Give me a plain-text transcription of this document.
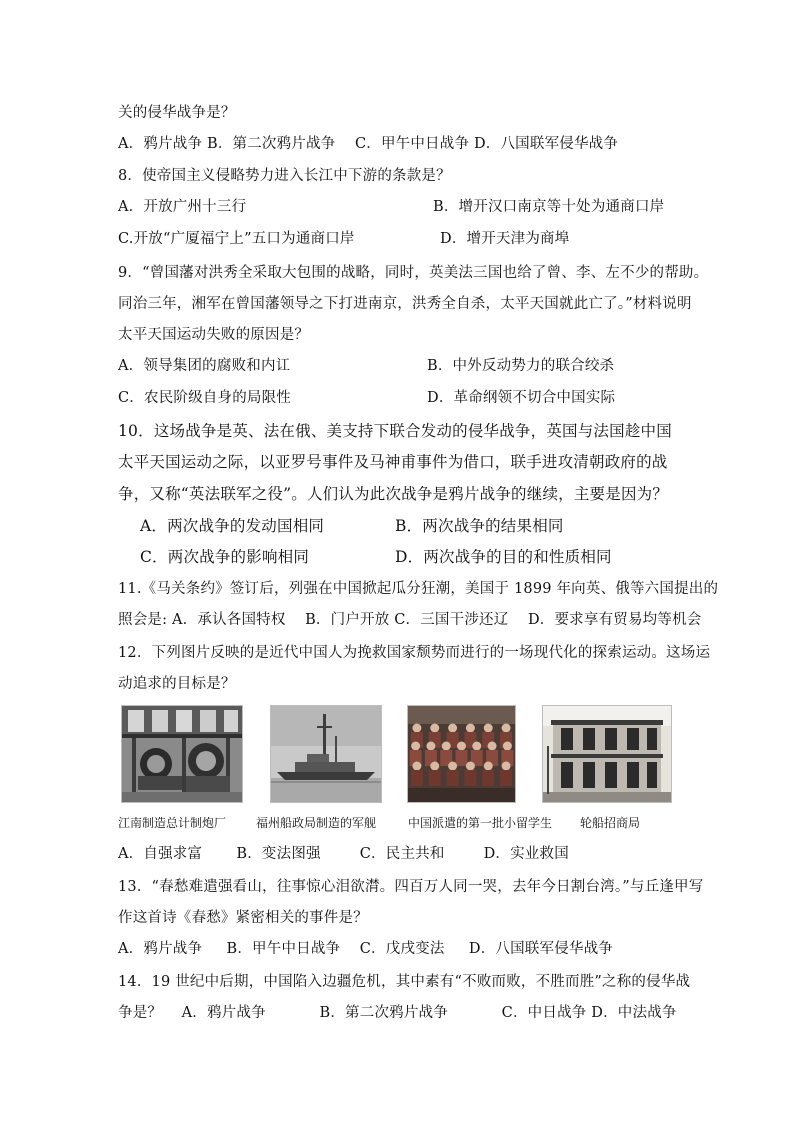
关的侵华战争是？
A．鸦片战争 B．第二次鸦片战争 　C．甲午中日战争 D．八国联军侵华战争
8．使帝国主义侵略势力进入长江中下游的条款是？
A．开放广州十三行	B．增开汉口南京等十处为通商口岸
C.开放“广厦福宁上”五口为通商口岸	D．增开天津为商埠
9．“曾国藩对洪秀全采取大包围的战略，同时，英美法三国也给了曾、李、左不少的帮助。
同治三年，湘军在曾国藩领导之下打进南京，洪秀全自杀，太平天国就此亡了。”材料说明
太平天国运动失败的原因是？
A．领导集团的腐败和内讧	B．中外反动势力的联合绞杀
C．农民阶级自身的局限性	D．革命纲领不切合中国实际
10．这场战争是英、法在俄、美支持下联合发动的侵华战争，英国与法国趁中国
太平天国运动之际，以亚罗号事件及马神甫事件为借口，联手进攻清朝政府的战
争，又称“英法联军之役”。人们认为此次战争是鸦片战争的继续，主要是因为？
A．两次战争的发动国相同	B．两次战争的结果相同
C．两次战争的影响相同	D．两次战争的目的和性质相同
11.《马关条约》签订后，列强在中国掀起瓜分狂潮，美国于 1899 年向英、俄等六国提出的
照会是: A．承认各国特权 　B．门户开放 C．三国干涉还辽 　D．要求享有贸易均等机会
12．下列图片反映的是近代中国人为挽救国家颓势而进行的一场现代化的探索运动。这场运
动追求的目标是？
江南制造总计制炮厂 福州船政局制造的军舰	中国派遣的第一批小留学生 轮船招商局
A．自强求富 　　B．变法图强 　　 C．民主共和 　　 D．实业救国
13．“春愁难遣强看山，往事惊心泪欲潸。四百万人同一哭，去年今日割台湾。”与丘逢甲写
作这首诗《春愁》紧密相关的事件是？
A．鸦片战争 　 B．甲午中日战争 　C．戊戌变法 　 D．八国联军侵华战争
14．19 世纪中后期，中国陷入边疆危机，其中素有“不败而败，不胜而胜”之称的侵华战
争是？ 　A．鸦片战争 　　 　B．第二次鸦片战争 　　 　C．中日战争 D．中法战争
